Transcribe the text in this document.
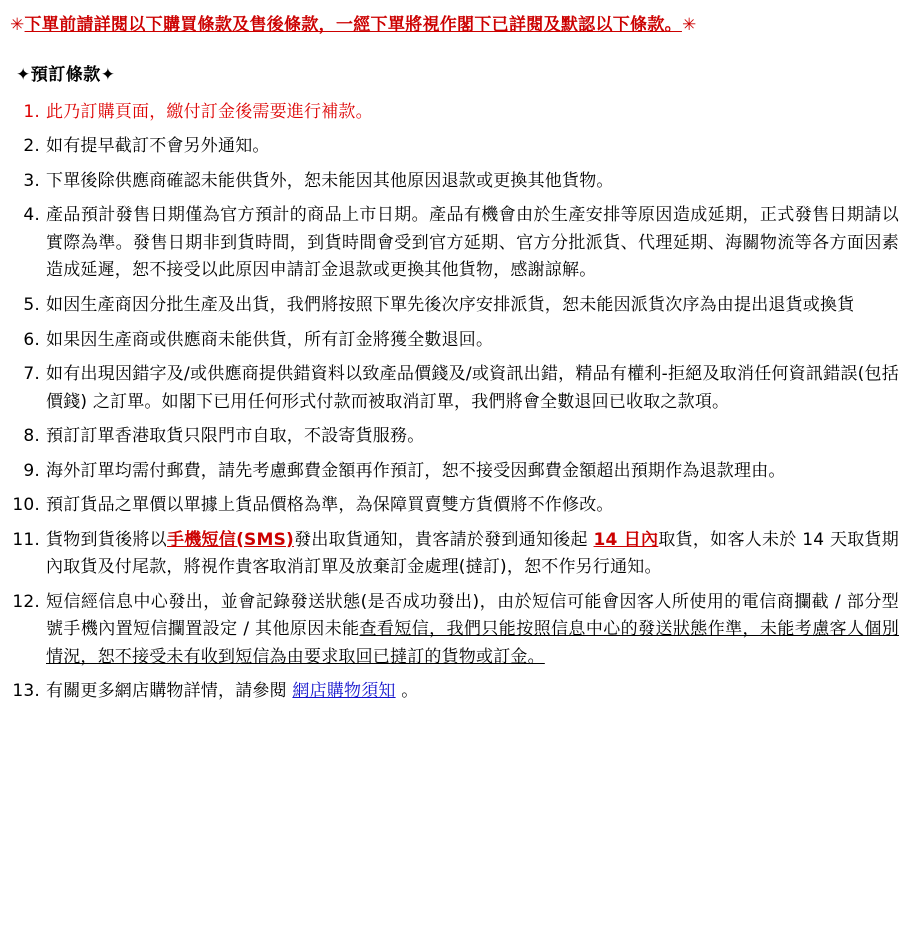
✳下單前請詳閱以下購買條款及售後條款，一經下單將視作閣下已詳閱及默認以下條款。✳
✦預訂條款✦
此乃訂購頁面，繳付訂金後需要進行補款。
如有提早截訂不會另外通知。
下單後除供應商確認未能供貨外，恕未能因其他原因退款或更換其他貨物。
產品預計發售日期僅為官方預計的商品上市日期。產品有機會由於生產安排等原因造成延期，正式發售日期請以實際為準。發售日期非到貨時間，到貨時間會受到官方延期、官方分批派貨、代理延期、海關物流等各方面因素造成延遲，恕不接受以此原因申請訂金退款或更換其他貨物，感謝諒解。
如因生產商因分批生產及出貨，我們將按照下單先後次序安排派貨，恕未能因派貨次序為由提出退貨或換貨
如果因生產商或供應商未能供貨，所有訂金將獲全數退回。
如有出現因錯字及/或供應商提供錯資料以致產品價錢及/或資訊出錯，精品有權利-拒絕及取消任何資訊錯誤(包括價錢) 之訂單。如閣下已用任何形式付款而被取消訂單，我們將會全數退回已收取之款項。
預訂訂單香港取貨只限門市自取，不設寄貨服務。
海外訂單均需付郵費，請先考慮郵費金額再作預訂，恕不接受因郵費金額超出預期作為退款理由。
預訂貨品之單價以單據上貨品價格為準，為保障買賣雙方貨價將不作修改。
貨物到貨後將以手機短信(SMS)發出取貨通知，貴客請於發到通知後起 14 日內取貨，如客人未於 14 天取貨期內取貨及付尾款，將視作貴客取消訂單及放棄訂金處理(撻訂)，恕不作另行通知。
短信經信息中心發出，並會記錄發送狀態(是否成功發出)，由於短信可能會因客人所使用的電信商攔截 / 部分型號手機內置短信攔置設定 / 其他原因未能查看短信，我們只能按照信息中心的發送狀態作準，未能考慮客人個別情況，恕不接受未有收到短信為由要求取回已撻訂的貨物或訂金。
有關更多網店購物詳情，請參閱 網店購物須知 。
